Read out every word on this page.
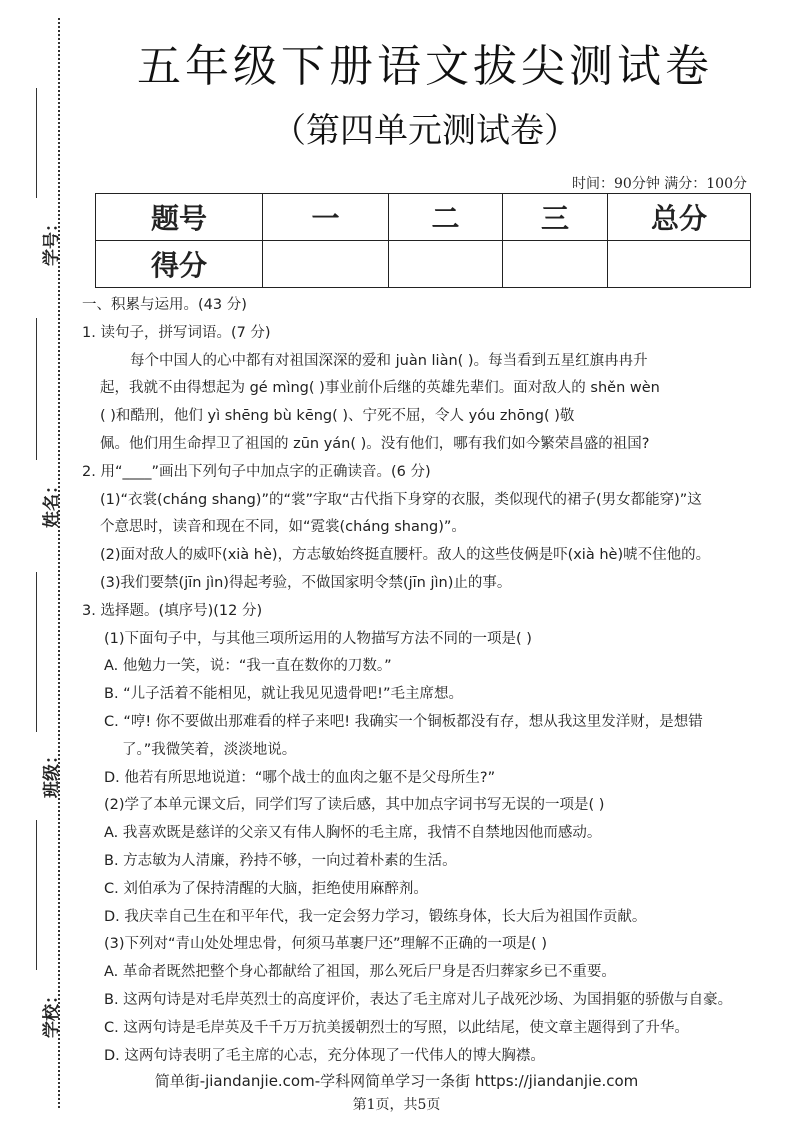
学号：
姓名：
班级：
学校：
五年级下册语文拔尖测试卷
（第四单元测试卷）
时间：90分钟 满分：100分
题号	一	二	三	总分
得分				
一、积累与运用。(43 分)
1. 读句子，拼写词语。(7 分)
每个中国人的心中都有对祖国深深的爱和 juàn liàn( )。每当看到五星红旗冉冉升
起，我就不由得想起为 gé mìng( )事业前仆后继的英雄先辈们。面对敌人的 shěn wèn
( )和酷刑，他们 yì shēng bù kēng( )、宁死不屈，令人 yóu zhōng( )敬
佩。他们用生命捍卫了祖国的 zūn yán( )。没有他们，哪有我们如今繁荣昌盛的祖国?
2. 用“____”画出下列句子中加点字的正确读音。(6 分)
(1)“衣裳(cháng shang)”的“裳”字取“古代指下身穿的衣服，类似现代的裙子(男女都能穿)”这
个意思时，读音和现在不同，如“霓裳(cháng shang)”。
(2)面对敌人的威吓(xià hè)，方志敏始终挺直腰杆。敌人的这些伎俩是吓(xià hè)唬不住他的。
(3)我们要禁(jīn jìn)得起考验，不做国家明令禁(jīn jìn)止的事。
3. 选择题。(填序号)(12 分)
(1)下面句子中，与其他三项所运用的人物描写方法不同的一项是( )
A. 他勉力一笑，说：“我一直在数你的刀数。”
B. “儿子活着不能相见，就让我见见遗骨吧!”毛主席想。
C. “哼! 你不要做出那难看的样子来吧! 我确实一个铜板都没有存，想从我这里发洋财，是想错
了。”我微笑着，淡淡地说。
D. 他若有所思地说道：“哪个战士的血肉之躯不是父母所生?”
(2)学了本单元课文后，同学们写了读后感，其中加点字词书写无误的一项是( )
A. 我喜欢既是慈详的父亲又有伟人胸怀的毛主席，我情不自禁地因他而感动。
B. 方志敏为人清廉，矜持不够，一向过着朴素的生活。
C. 刘伯承为了保持清醒的大脑，拒绝使用麻醉剂。
D. 我庆幸自己生在和平年代，我一定会努力学习，锻练身体，长大后为祖国作贡献。
(3)下列对“青山处处埋忠骨，何须马革裹尸还”理解不正确的一项是( )
A. 革命者既然把整个身心都献给了祖国，那么死后尸身是否归葬家乡已不重要。
B. 这两句诗是对毛岸英烈士的高度评价，表达了毛主席对儿子战死沙场、为国捐躯的骄傲与自豪。
C. 这两句诗是毛岸英及千千万万抗美援朝烈士的写照，以此结尾，使文章主题得到了升华。
D. 这两句诗表明了毛主席的心志，充分体现了一代伟人的博大胸襟。
简单街-jiandanjie.com-学科网简单学习一条街 https://jiandanjie.com
第1页，共5页
